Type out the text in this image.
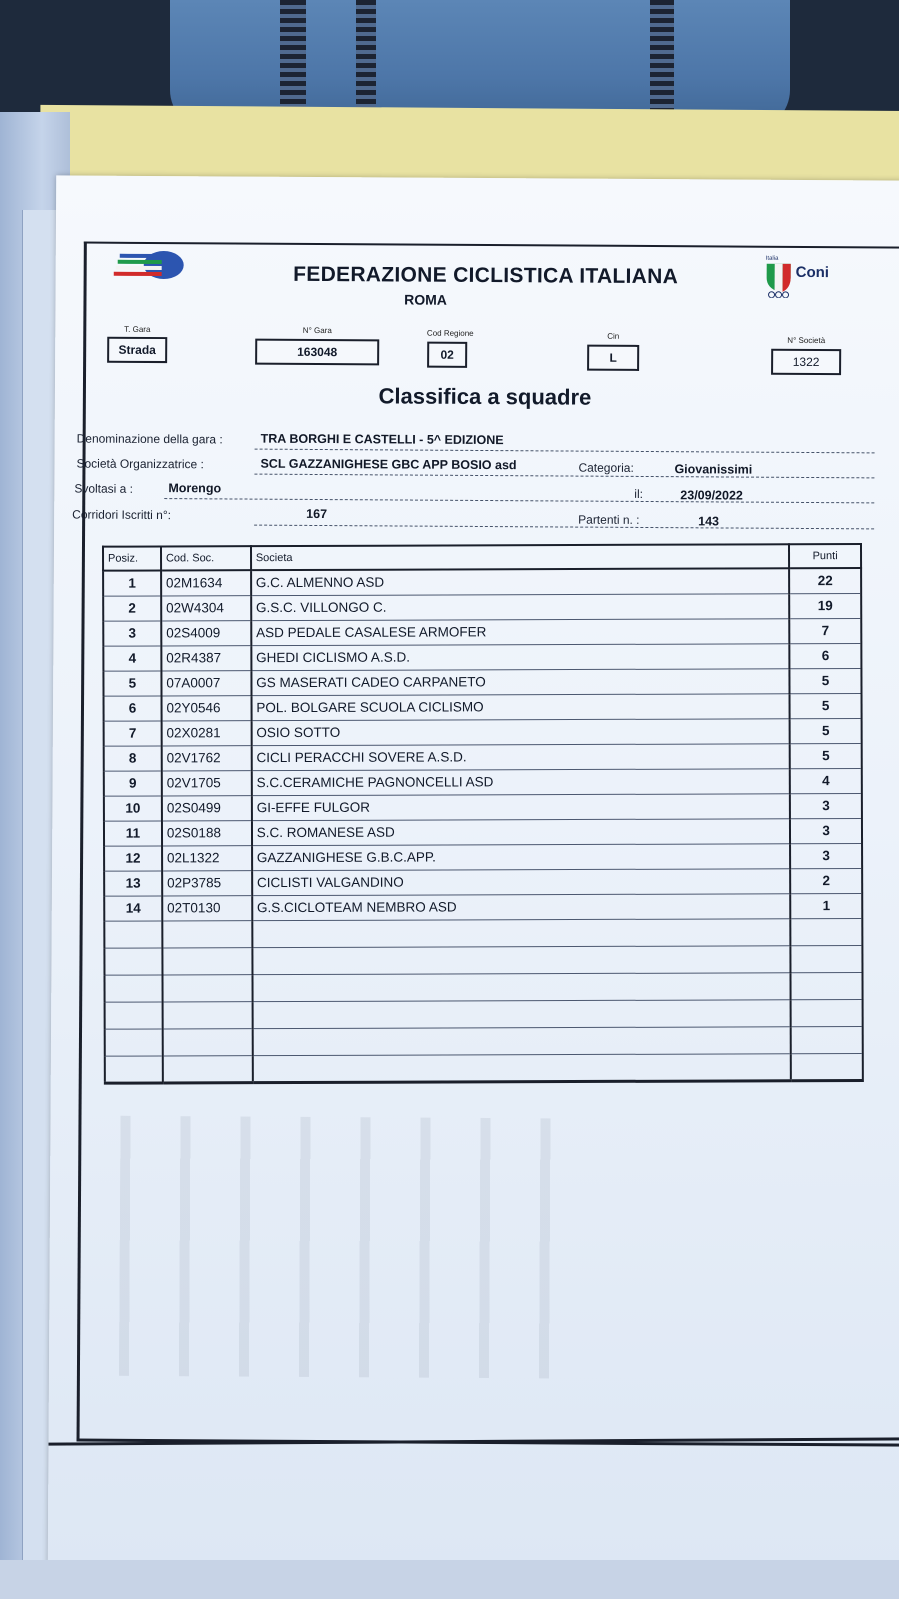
Italia
Coni
FEDERAZIONE CICLISTICA ITALIANA
ROMA
T. Gara
Strada
N° Gara
163048
Cod Regione
02
Cin
L
N° Società
1322
Classifica a squadre
Denominazione della gara :	TRA BORGHI E CASTELLI - 5^ EDIZIONE
Società Organizzatrice :	SCL GAZZANIGHESE GBC APP BOSIO asd	Categoria:	Giovanissimi
Svoltasi a :	Morengo	il:	23/09/2022
Corridori Iscritti n°:	167	Partenti n. :	143
Posiz.	Cod. Soc.	Societa	Punti
1	02M1634	G.C. ALMENNO ASD	22
2	02W4304	G.S.C. VILLONGO C.	19
3	02S4009	ASD PEDALE CASALESE ARMOFER	7
4	02R4387	GHEDI CICLISMO A.S.D.	6
5	07A0007	GS MASERATI CADEO CARPANETO	5
6	02Y0546	POL. BOLGARE SCUOLA CICLISMO	5
7	02X0281	OSIO SOTTO	5
8	02V1762	CICLI PERACCHI SOVERE A.S.D.	5
9	02V1705	S.C.CERAMICHE PAGNONCELLI ASD	4
10	02S0499	GI-EFFE FULGOR	3
11	02S0188	S.C. ROMANESE ASD	3
12	02L1322	GAZZANIGHESE G.B.C.APP.	3
13	02P3785	CICLISTI VALGANDINO	2
14	02T0130	G.S.CICLOTEAM NEMBRO ASD	1
